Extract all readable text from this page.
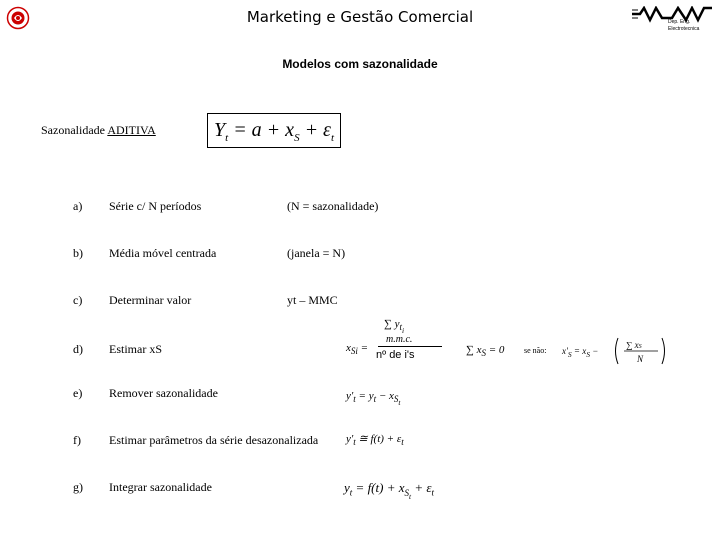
Marketing e Gestão Comercial	Dep. Eng. Electrotecnica
Modelos com sazonalidade
Sazonalidade ADITIVA	$Y_t = a + x_S + \varepsilon_t$
a) Série c/ N períodos	(N = sazonalidade)
b) Média móvel centrada	(janela = N)
c) Determinar valor	yt – MMC
d) Estimar xS
e) Remover sazonalidade
f) Estimar parâmetros da série desazonalizada
g) Integrar sazonalidade
$x_{Si}$ =
∑ $y_{t_i}$
m.m.c.
nº de i's	∑ $x_S = 0$ se não: $x'_S = x_S$ −
∑ xS
N
$y'_t = y_t - x_{S_t}$
$y'_t$ ≅ $f(t) + \varepsilon_t$
$y_t = f(t) + x_{S_t} + \varepsilon_t$
